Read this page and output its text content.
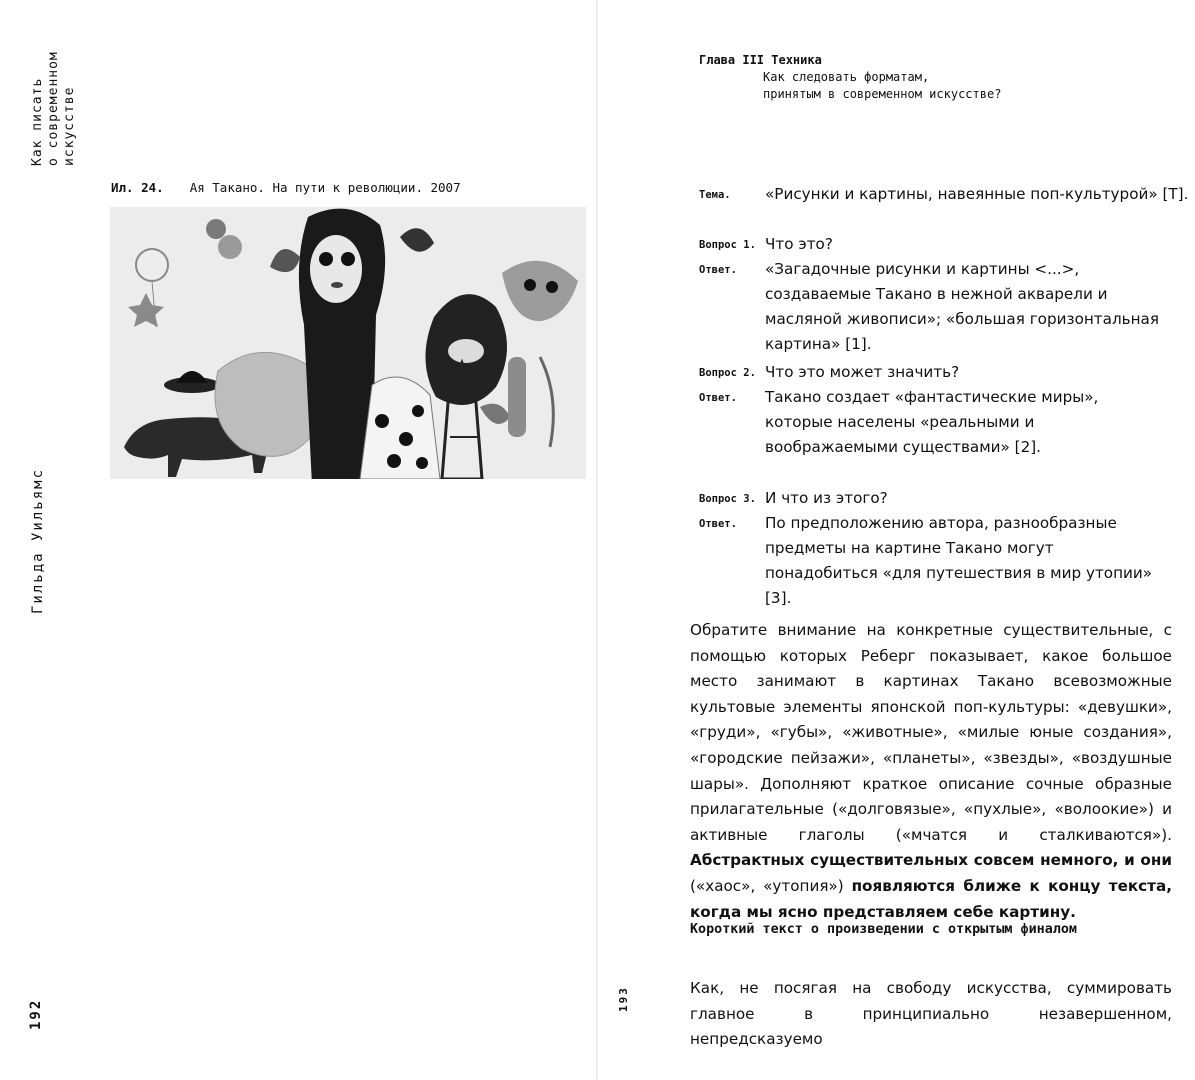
Как писать о современном искусстве
Гильда Уильямс
192
Ил. 24. Ая Такано. На пути к революции. 2007
Глава III Техника
Как следовать форматам,
принятым в современном искусстве?
Тема.	«Рисунки и картины, навеянные поп-культурой» [Т].
Вопрос 1. Что это?
Ответ.	«Загадочные рисунки и картины <...>, создаваемые Такано в нежной акварели и масляной живописи»; «большая горизонтальная картина» [1].
Вопрос 2. Что это может значить?
Ответ.	Такано создает «фантастические миры», которые населены «реальными и воображаемыми существами» [2].
Вопрос 3. И что из этого?
Ответ.	По предположению автора, разнообразные предметы на картине Такано могут понадобиться «для путешествия в мир утопии» [3].
Обратите внимание на конкретные существительные, с помощью которых Реберг показывает, какое большое место занимают в картинах Такано всевозможные культовые элементы японской поп-культуры: «девушки», «груди», «губы», «животные», «милые юные создания», «городские пейзажи», «планеты», «звезды», «воздушные шары». Дополняют краткое описание сочные образные прилагательные («долговязые», «пухлые», «волоокие») и активные глаголы («мчатся и сталкиваются»). Абстрактных существительных совсем немного, и они («хаос», «утопия») появляются ближе к концу текста, когда мы ясно представляем себе картину.
Короткий текст о произведении с открытым финалом
Как, не посягая на свободу искусства, суммировать главное в принципиально незавершенном, непредсказуемо
193
